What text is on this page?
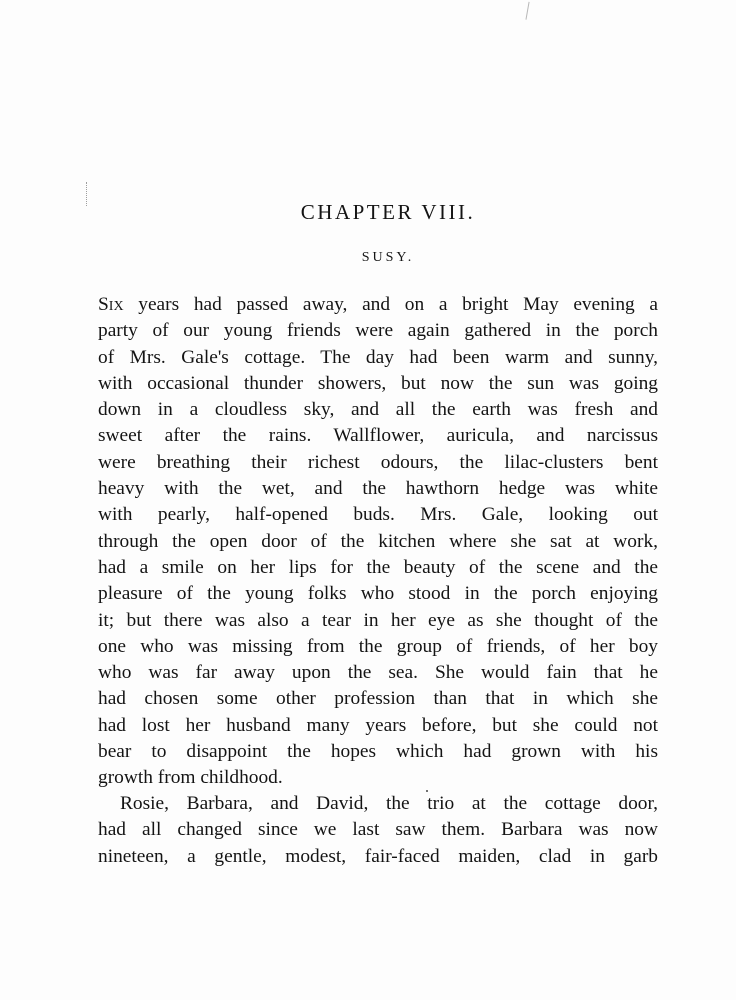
CHAPTER VIII.
SUSY.
Six years had passed away, and on a bright May evening a
party of our young friends were again gathered in the porch
of Mrs. Gale's cottage. The day had been warm and sunny,
with occasional thunder showers, but now the sun was going
down in a cloudless sky, and all the earth was fresh and
sweet after the rains. Wallflower, auricula, and narcissus
were breathing their richest odours, the lilac-clusters bent
heavy with the wet, and the hawthorn hedge was white
with pearly, half-opened buds. Mrs. Gale, looking out
through the open door of the kitchen where she sat at work,
had a smile on her lips for the beauty of the scene and the
pleasure of the young folks who stood in the porch enjoying
it; but there was also a tear in her eye as she thought of the
one who was missing from the group of friends, of her boy
who was far away upon the sea. She would fain that he
had chosen some other profession than that in which she
had lost her husband many years before, but she could not
bear to disappoint the hopes which had grown with his
growth from childhood.
Rosie, Barbara, and David, the trio at the cottage door,
had all changed since we last saw them. Barbara was now
nineteen, a gentle, modest, fair-faced maiden, clad in garb
